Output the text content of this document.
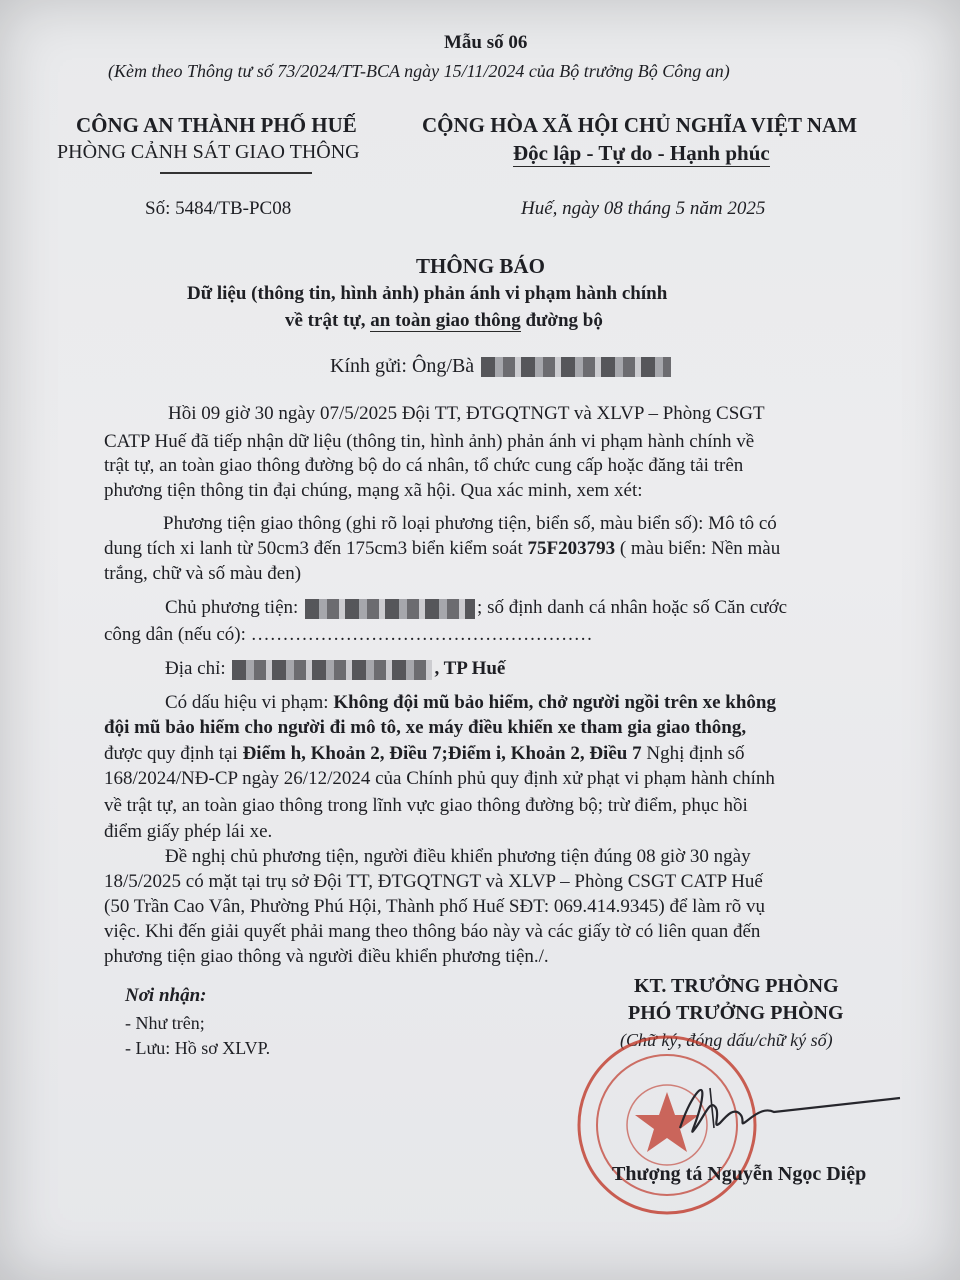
Mẫu số 06
(Kèm theo Thông tư số 73/2024/TT-BCA ngày 15/11/2024 của Bộ trưởng Bộ Công an)
CÔNG AN THÀNH PHỐ HUẾ
PHÒNG CẢNH SÁT GIAO THÔNG
CỘNG HÒA XÃ HỘI CHỦ NGHĨA VIỆT NAM
Độc lập - Tự do - Hạnh phúc
Số: 5484/TB-PC08	Huế, ngày 08 tháng 5 năm 2025
THÔNG BÁO
Dữ liệu (thông tin, hình ảnh) phản ánh vi phạm hành chính
về trật tự, an toàn giao thông đường bộ
Kính gửi: Ông/Bà
Hồi 09 giờ 30 ngày 07/5/2025 Đội TT, ĐTGQTNGT và XLVP – Phòng CSGT
CATP Huế đã tiếp nhận dữ liệu (thông tin, hình ảnh) phản ánh vi phạm hành chính về
trật tự, an toàn giao thông đường bộ do cá nhân, tổ chức cung cấp hoặc đăng tải trên
phương tiện thông tin đại chúng, mạng xã hội. Qua xác minh, xem xét:
Phương tiện giao thông (ghi rõ loại phương tiện, biển số, màu biển số): Mô tô có
dung tích xi lanh từ 50cm3 đến 175cm3 biển kiểm soát 75F203793 ( màu biển: Nền màu
trắng, chữ và số màu đen)
Chủ phương tiện:	; số định danh cá nhân hoặc số Căn cước
công dân (nếu có): ………………………………………………
Địa chỉ:	, TP Huế
Có dấu hiệu vi phạm: Không đội mũ bảo hiểm, chở người ngồi trên xe không
đội mũ bảo hiểm cho người đi mô tô, xe máy điều khiển xe tham gia giao thông,
được quy định tại Điểm h, Khoản 2, Điều 7;Điểm i, Khoản 2, Điều 7 Nghị định số
168/2024/NĐ-CP ngày 26/12/2024 của Chính phủ quy định xử phạt vi phạm hành chính
về trật tự, an toàn giao thông trong lĩnh vực giao thông đường bộ; trừ điểm, phục hồi
điểm giấy phép lái xe.
Đề nghị chủ phương tiện, người điều khiển phương tiện đúng 08 giờ 30 ngày
18/5/2025 có mặt tại trụ sở Đội TT, ĐTGQTNGT và XLVP – Phòng CSGT CATP Huế
(50 Trần Cao Vân, Phường Phú Hội, Thành phố Huế SĐT: 069.414.9345) để làm rõ vụ
việc. Khi đến giải quyết phải mang theo thông báo này và các giấy tờ có liên quan đến
phương tiện giao thông và người điều khiển phương tiện./.
Nơi nhận:
- Như trên;
- Lưu: Hồ sơ XLVP.
KT. TRƯỞNG PHÒNG
PHÓ TRƯỞNG PHÒNG
(Chữ ký, đóng dấu/chữ ký số)
Thượng tá Nguyễn Ngọc Diệp
